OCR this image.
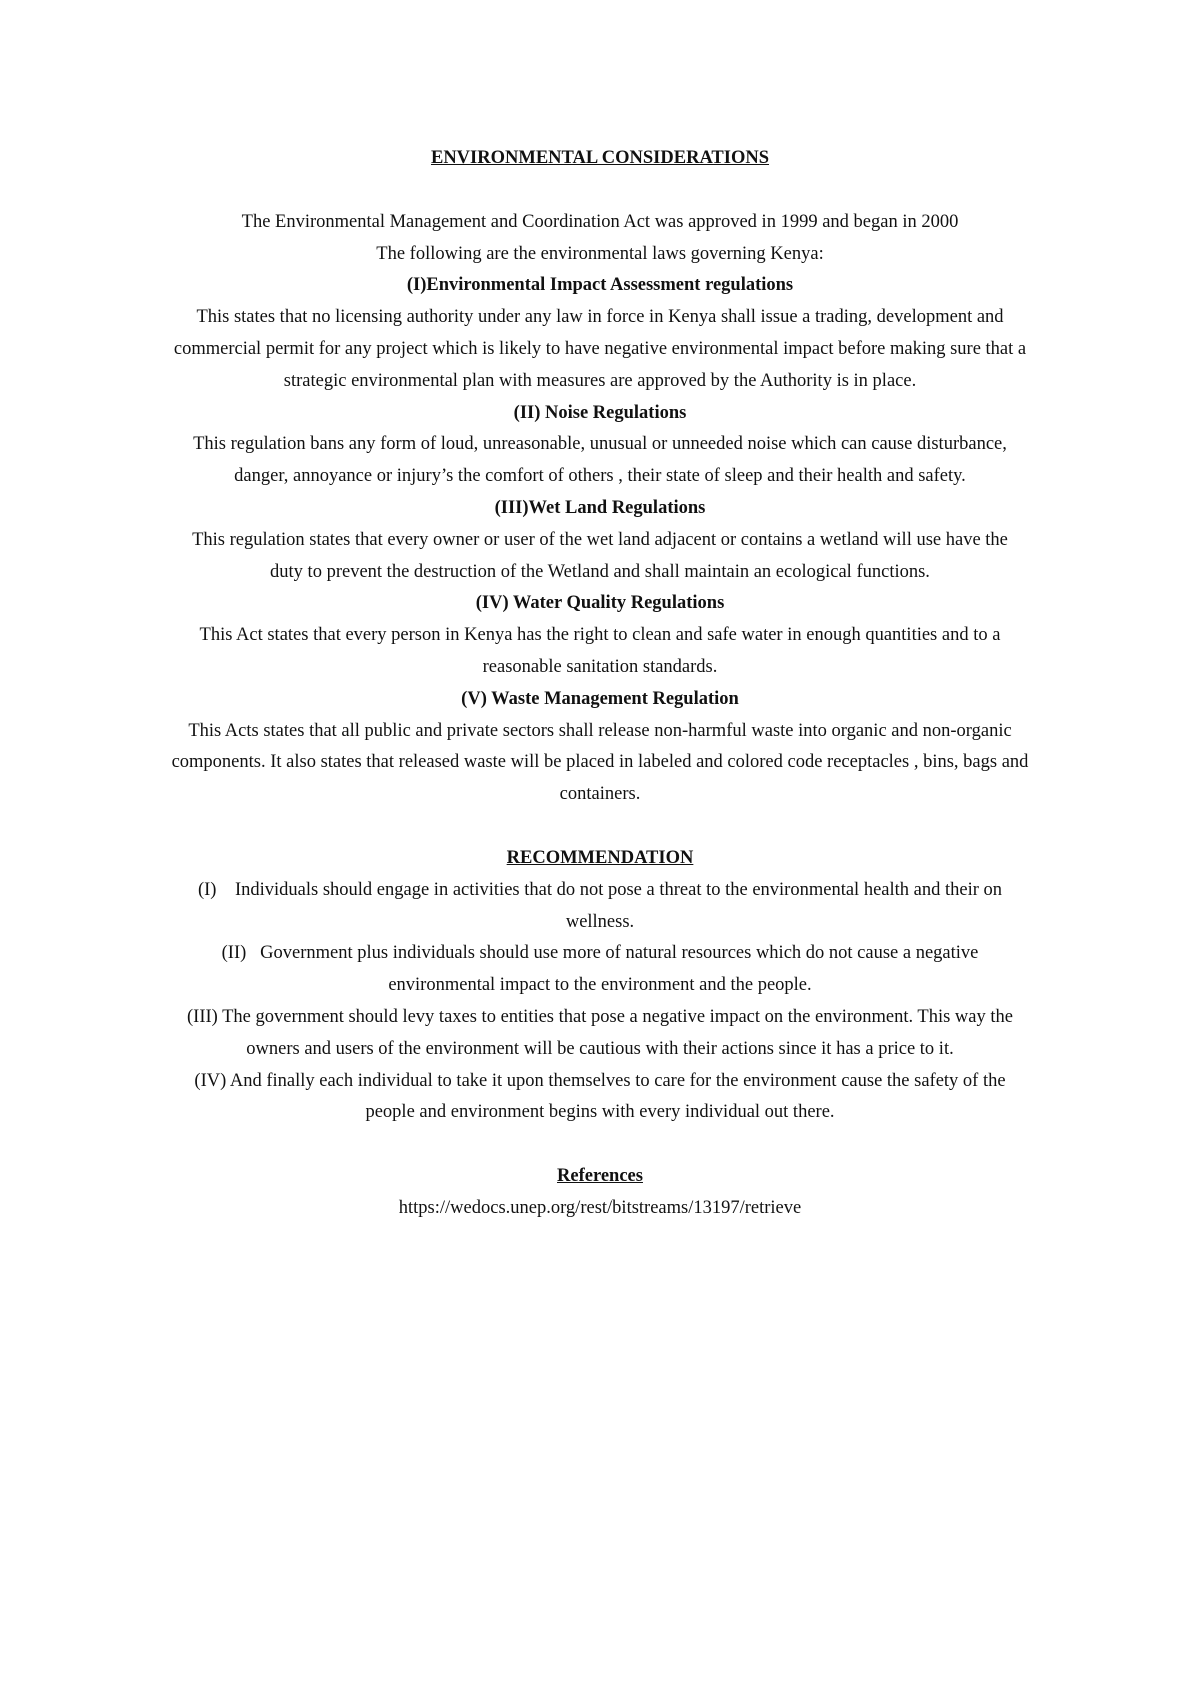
ENVIRONMENTAL CONSIDERATIONS

The Environmental Management and Coordination Act was approved in 1999 and began in 2000

The following are the environmental laws governing Kenya:

(I)Environmental Impact Assessment regulations

This states that no licensing authority under any law in force in Kenya shall issue a trading, development and commercial permit for any project which is likely to have negative environmental impact before making sure that a strategic environmental plan with measures are approved by the Authority is in place.

(II) Noise Regulations

This regulation bans any form of loud, unreasonable, unusual or unneeded noise which can cause disturbance, danger, annoyance or injury’s the comfort of others , their state of sleep and their health and safety.

(III)Wet Land Regulations

This regulation states that every owner or user of the wet land adjacent or contains a wetland will use have the duty to prevent the destruction of the Wetland and shall maintain an ecological functions.

(IV) Water Quality Regulations

This Act states that every person in Kenya has the right to clean and safe water in enough quantities and to a reasonable sanitation standards.

(V) Waste Management Regulation

This Acts states that all public and private sectors shall release non-harmful waste into organic and non-organic components. It also states that released waste will be placed in labeled and colored code receptacles , bins, bags and containers.

RECOMMENDATION

(I)    Individuals should engage in activities that do not pose a threat to the environmental health and their on wellness.

(II)   Government plus individuals should use more of natural resources which do not cause a negative environmental impact to the environment and the people.

(III) The government should levy taxes to entities that pose a negative impact on the environment. This way the owners and users of the environment will be cautious with their actions since it has a price to it.

(IV) And finally each individual to take it upon themselves to care for the environment cause the safety of the people and environment begins with every individual out there.

References

https://wedocs.unep.org/rest/bitstreams/13197/retrieve
